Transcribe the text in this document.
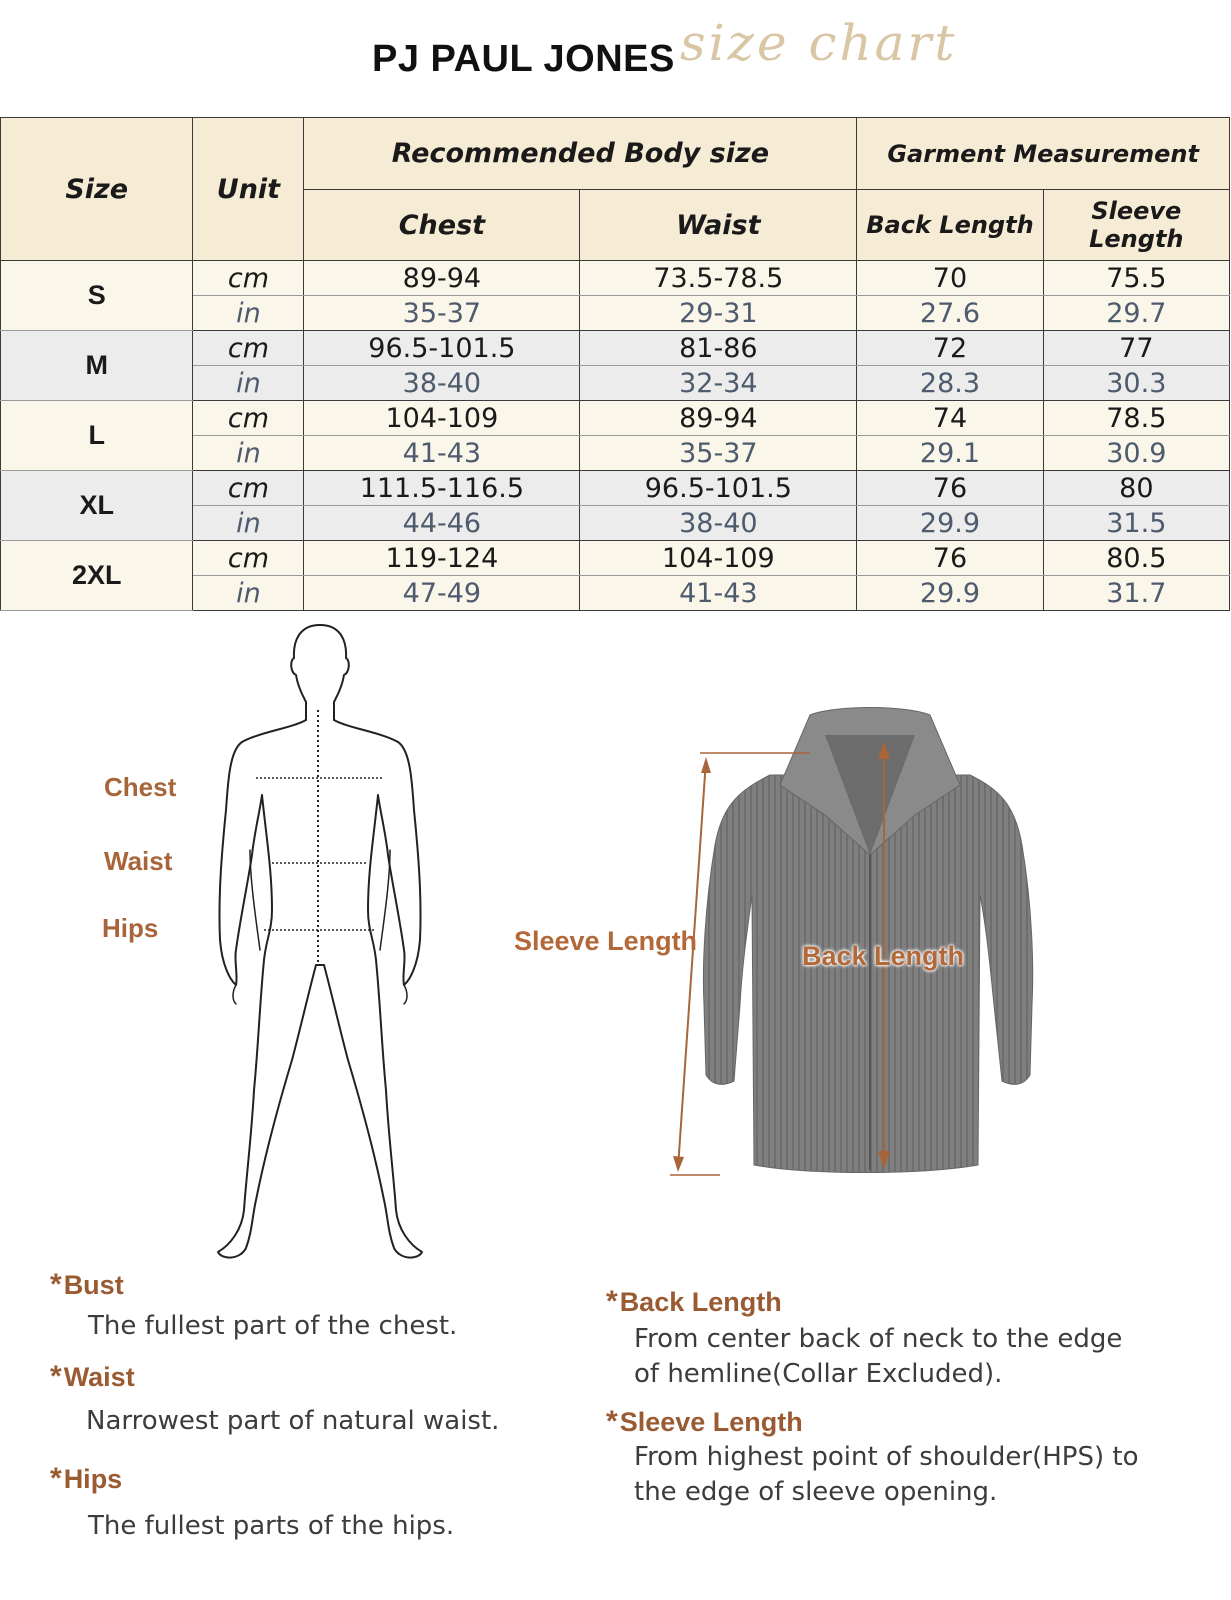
PJ PAUL JONES size chart
Size	Unit	Recommended Body size		Garment Measurement	
		Chest	Waist	Back Length	Sleeve Length
S	cm	89-94	73.5-78.5	70	75.5
	in	35-37	29-31	27.6	29.7
M	cm	96.5-101.5	81-86	72	77
	in	38-40	32-34	28.3	30.3
L	cm	104-109	89-94	74	78.5
	in	41-43	35-37	29.1	30.9
XL	cm	111.5-116.5	96.5-101.5	76	80
	in	44-46	38-40	29.9	31.5
2XL	cm	119-124	104-109	76	80.5
	in	47-49	41-43	29.9	31.7
Chest
Waist
Hips	Sleeve Length	Back Length
*Bust
The fullest part of the chest.
*Waist
Narrowest part of natural waist.
*Hips
The fullest parts of the hips.
*Back Length
From center back of neck to the edge
of hemline(Collar Excluded).
*Sleeve Length
From highest point of shoulder(HPS) to
the edge of sleeve opening.
